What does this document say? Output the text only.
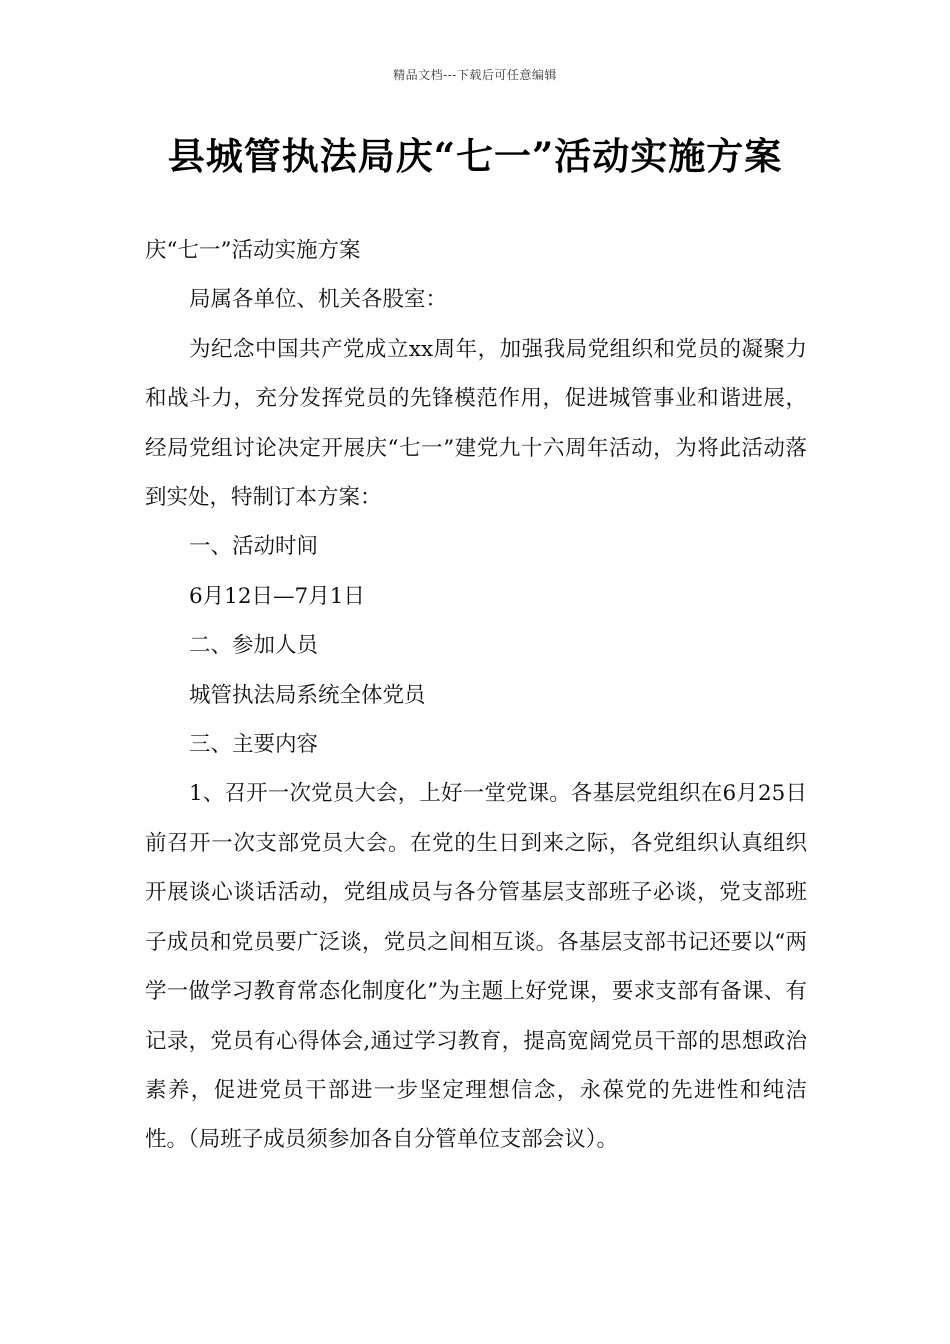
精品文档---下载后可任意编辑
县城管执法局庆“七一”活动实施方案

庆“七一”活动实施方案

局属各单位、机关各股室：

为纪念中国共产党成立xx周年，加强我局党组织和党员的凝聚力和战斗力，充分发挥党员的先锋模范作用，促进城管事业和谐进展，经局党组讨论决定开展庆“七一”建党九十六周年活动，为将此活动落到实处，特制订本方案：

一、活动时间

6月12日—7月1日

二、参加人员

城管执法局系统全体党员

三、主要内容

1、召开一次党员大会，上好一堂党课。各基层党组织在6月25日前召开一次支部党员大会。在党的生日到来之际，各党组织认真组织开展谈心谈话活动，党组成员与各分管基层支部班子必谈，党支部班子成员和党员要广泛谈，党员之间相互谈。各基层支部书记还要以“两学一做学习教育常态化制度化”为主题上好党课，要求支部有备课、有记录，党员有心得体会,通过学习教育，提高宽阔党员干部的思想政治素养，促进党员干部进一步坚定理想信念，永葆党的先进性和纯洁性。（局班子成员须参加各自分管单位支部会议）。
